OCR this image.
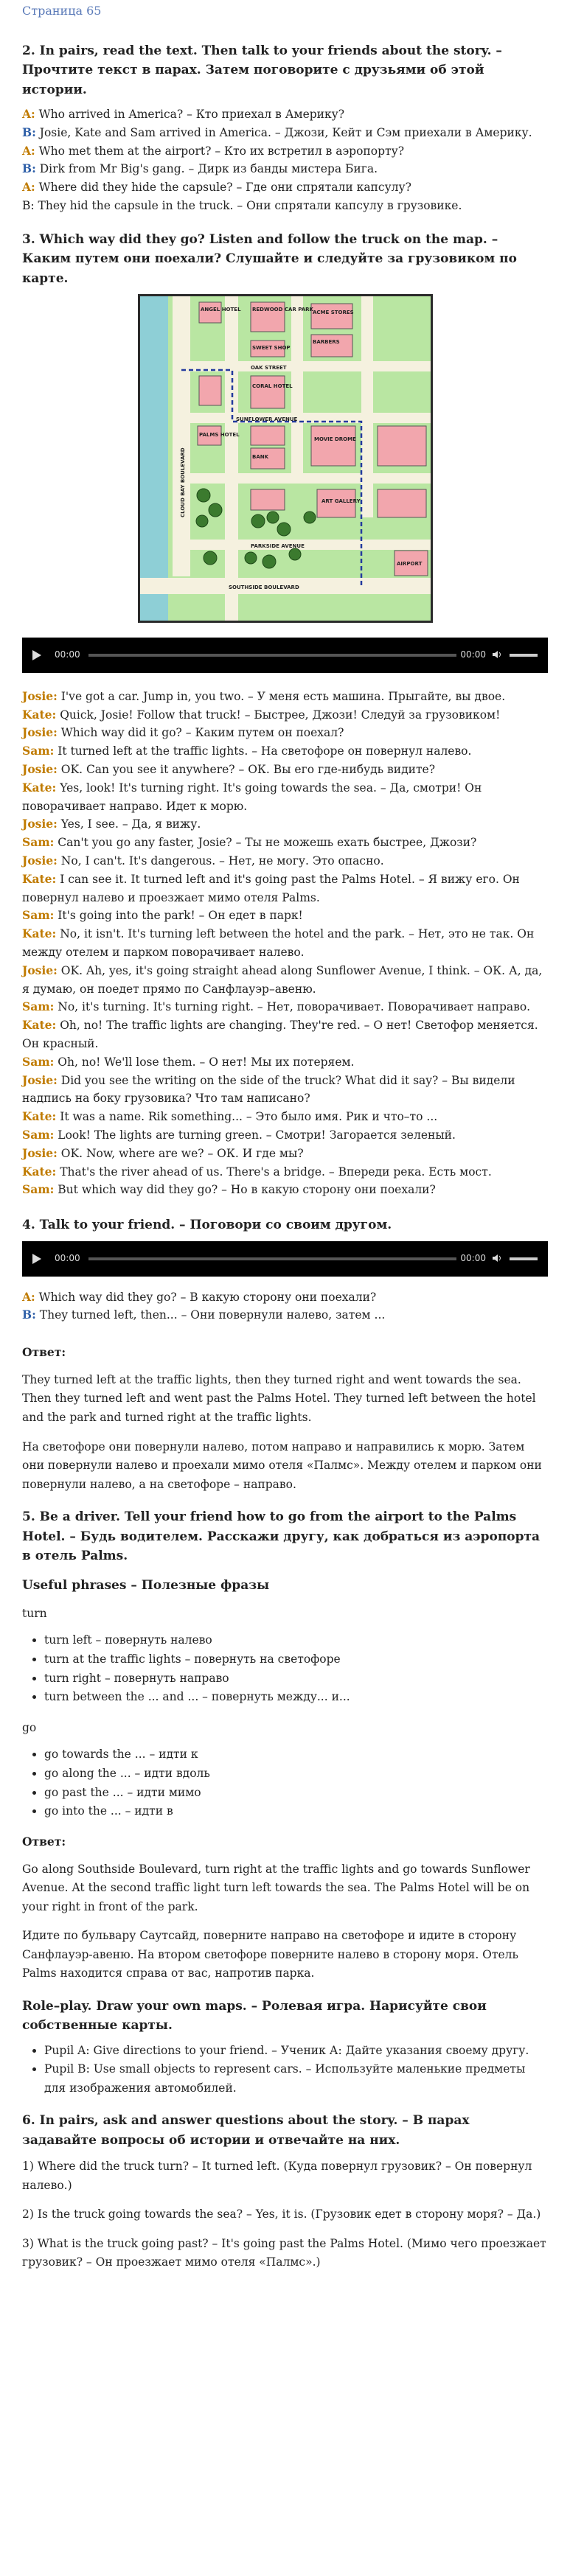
Страница 65
2. In pairs, read the text. Then talk to your friends about the story. – Прочтите текст в парах. Затем поговорите с друзьями об этой истории.

A: Who arrived in America? – Кто приехал в Америку?

B: Josie, Kate and Sam arrived in America. – Джози, Кейт и Сэм приехали в Америку.

A: Who met them at the airport? – Кто их встретил в аэропорту?

B: Dirk from Mr Big's gang. – Дирк из банды мистера Бига.

A: Where did they hide the capsule? – Где они спрятали капсулу?

B: They hid the capsule in the truck. – Они спрятали капсулу в грузовике.

3. Which way did they go? Listen and follow the truck on the map. – Каким путем они поехали? Слушайте и следуйте за грузовиком по карте.
ANGEL HOTEL REDWOOD CAR PARK ACME STORES
BARBERS
SWEET SHOP
OAK STREET
CORAL HOTEL
PALMS HOTEL
BANK
SUNFLOWER AVENUE
MOVIE DROME
ART GALLERY
PARKSIDE AVENUE
AIRPORT
SOUTHSIDE BOULEVARD
CLOUD BAY BOULEVARD
00:00	00:00

Josie: I've got a car. Jump in, you two. – У меня есть машина. Прыгайте, вы двое.

Kate: Quick, Josie! Follow that truck! – Быстрее, Джози! Следуй за грузовиком!

Josie: Which way did it go? – Каким путем он поехал?

Sam: It turned left at the traffic lights. – На светофоре он повернул налево.

Josie: OK. Can you see it anywhere? – ОК. Вы его где-нибудь видите?

Kate: Yes, look! It's turning right. It's going towards the sea. – Да, смотри! Он поворачивает направо. Идет к морю.

Josie: Yes, I see. – Да, я вижу.

Sam: Can't you go any faster, Josie? – Ты не можешь ехать быстрее, Джози?

Josie: No, I can't. It's dangerous. – Нет, не могу. Это опасно.

Kate: I can see it. It turned left and it's going past the Palms Hotel. – Я вижу его. Он повернул налево и проезжает мимо отеля Palms.

Sam: It's going into the park! – Он едет в парк!

Kate: No, it isn't. It's turning left between the hotel and the park. – Нет, это не так. Он между отелем и парком поворачивает налево.

Josie: OK. Ah, yes, it's going straight ahead along Sunflower Avenue, I think. – ОК. А, да, я думаю, он поедет прямо по Санфлауэр–авеню.

Sam: No, it's turning. It's turning right. – Нет, поворачивает. Поворачивает направо.

Kate: Oh, no! The traffic lights are changing. They're red. – О нет! Светофор меняется. Он красный.

Sam: Oh, no! We'll lose them. – О нет! Мы их потеряем.

Josie: Did you see the writing on the side of the truck? What did it say? – Вы видели надпись на боку грузовика? Что там написано?

Kate: It was a name. Rik something... – Это было имя. Рик и что–то ...

Sam: Look! The lights are turning green. – Смотри! Загорается зеленый.

Josie: OK. Now, where are we? – ОК. И где мы?

Kate: That's the river ahead of us. There's a bridge. – Впереди река. Есть мост.

Sam: But which way did they go? – Но в какую сторону они поехали?

4. Talk to your friend. – Поговори со своим другом.
00:00	00:00

A: Which way did they go? – В какую сторону они поехали?

B: They turned left, then... – Они повернули налево, затем ...

Ответ:

They turned left at the traffic lights, then they turned right and went towards the sea. Then they turned left and went past the Palms Hotel. They turned left between the hotel and the park and turned right at the traffic lights.

На светофоре они повернули налево, потом направо и направились к морю. Затем они повернули налево и проехали мимо отеля «Палмс». Между отелем и парком они повернули налево, а на светофоре – направо.

5. Be a driver. Tell your friend how to go from the airport to the Palms Hotel. – Будь водителем. Расскажи другу, как добраться из аэропорта в отель Palms.
Useful phrases – Полезные фразы

turn

• turn left – повернуть налево
• turn at the traffic lights – повернуть на светофоре
• turn right – повернуть направо
• turn between the ... and ... – повернуть между... и...

go

• go towards the ... – идти к
• go along the ... – идти вдоль
• go past the ... – идти мимо
• go into the ... – идти в

Ответ:

Go along Southside Boulevard, turn right at the traffic lights and go towards Sunflower Avenue. At the second traffic light turn left towards the sea. The Palms Hotel will be on your right in front of the park.

Идите по бульвару Саутсайд, поверните направо на светофоре и идите в сторону Санфлауэр-авеню. На втором светофоре поверните налево в сторону моря. Отель Palms находится справа от вас, напротив парка.

Role–play. Draw your own maps. – Ролевая игра. Нарисуйте свои собственные карты.
• Pupil A: Give directions to your friend. – Ученик А: Дайте указания своему другу.
• Pupil B: Use small objects to represent cars. – Используйте маленькие предметы для изображения автомобилей.
6. In pairs, ask and answer questions about the story. – В парах задавайте вопросы об истории и отвечайте на них.

1) Where did the truck turn? – It turned left. (Куда повернул грузовик? – Он повернул налево.)

2) Is the truck going towards the sea? – Yes, it is. (Грузовик едет в сторону моря? – Да.)

3) What is the truck going past? – It's going past the Palms Hotel. (Мимо чего проезжает грузовик? – Он проезжает мимо отеля «Палмс».)
